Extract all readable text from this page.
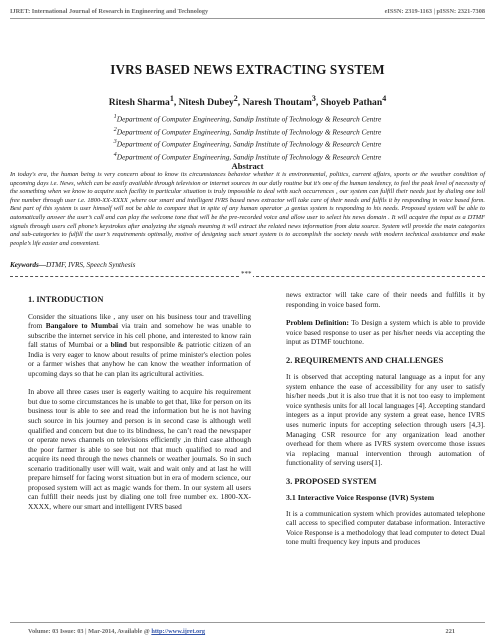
IJRET: International Journal of Research in Engineering and Technology	eISSN: 2319-1163 | pISSN: 2321-7308
IVRS BASED NEWS EXTRACTING SYSTEM
Ritesh Sharma$^1$, Nitesh Dubey$^2$, Naresh Thoutam$^3$, Shoyeb Pathan$^4$
$^1$Department of Computer Engineering, Sandip Institute of Technology & Research Centre
$^2$Department of Computer Engineering, Sandip Institute of Technology & Research Centre
$^3$Department of Computer Engineering, Sandip Institute of Technology & Research Centre
$^4$Department of Computer Engineering, Sandip Institute of Technology & Research Centre
Abstract
In today's era, the human being is very concern about to know its circumstances behavior whether it is environmental, politics, current affairs, sports or the weather condition of upcoming days i.e. News, which can be easily available through television or internet sources in our daily routine but it’s one of the human tendency, to feel the peak level of necessity of the something when we know to acquire such facility in particular situation is truly impossible to deal with such occurrences , our system can fulfill their needs just by dialing one toll free number through user i.e. 1800-XX-XXXX ,where our smart and intelligent IVRS based news extractor will take care of their needs and fulfils it by responding in voice based form. Best part of this system is user himself will not be able to compare that in spite of any human operator ,a genius system is responding to his needs. Proposed system will be able to automatically answer the user’s call and can play the welcome tone that will be the pre-recorded voice and allow user to select his news domain . It will acquire the input as a DTMF signals through users cell phone’s keystrokes after analyzing the signals meaning it will extract the related news information from data source. System will provide the main categories and sub-categories to fulfill the user’s requirements optimally, motive of designing such smart system is to accomplish the society needs with modern technical assistance and make people’s life easier and convenient.
Keywords—DTMF, IVRS, Speech Synthesis
***
1. INTRODUCTION

Consider the situations like , any user on his business tour and travelling from Bangalore to Mumbai via train and somehow he was unable to subscribe the internet service in his cell phone, and interested to know rain fall status of Mumbai or a blind but responsible & patriotic citizen of an India is very eager to know about results of prime minister's election poles or a farmer wishes that anyhow he can know the weather information of upcoming days so that he can plan its agricultural activities.

In above all three cases user is eagerly waiting to acquire his requirement but due to some circumstances he is unable to get that, like for person on its business tour is able to see and read the information but he is not having such source in his journey and person is in second case is although well qualified and concern but due to its blindness, he can’t read the newspaper or operate news channels on televisions efficiently ,in third case although the poor farmer is able to see but not that much qualified to read and acquire its need through the news channels or weather journals. So in such scenario traditionally user will wait, wait and wait only and at last he will prepare himself for facing worst situation but in era of modern science, our proposed system will act as magic wands for them. In our system all users can fulfill their needs just by dialing one toll free number ex. 1800-XX-XXXX, where our smart and intelligent IVRS based

news extractor will take care of their needs and fulfills it by responding in voice based form.

Problem Definition: To Design a system which is able to provide voice based response to user as per his/her needs via accepting the input as DTMF touchtone.

2. REQUIREMENTS AND CHALLENGES

It is observed that accepting natural language as a input for any system enhance the ease of accessibility for any user to satisfy his/her needs ,but it is also true that it is not too easy to implement voice synthesis units for all local languages [4]. Accepting standard integers as a input provide any system a great ease, hence IVRS uses numeric inputs for accepting selection through users [4,3]. Managing CSR resource for any organization lead another overhead for them where as IVRS system overcome those issues via replacing manual intervention through automation of functionality of serving users[1].

3. PROPOSED SYSTEM
3.1 Interactive Voice Response (IVR) System

It is a communication system which provides automated telephone call access to specified computer database information. Interactive Voice Response is a methodology that lead computer to detect Dual tone multi frequency key inputs and produces

Volume: 03 Issue: 03 | Mar-2014, Available @ http://www.ijret.org	221
